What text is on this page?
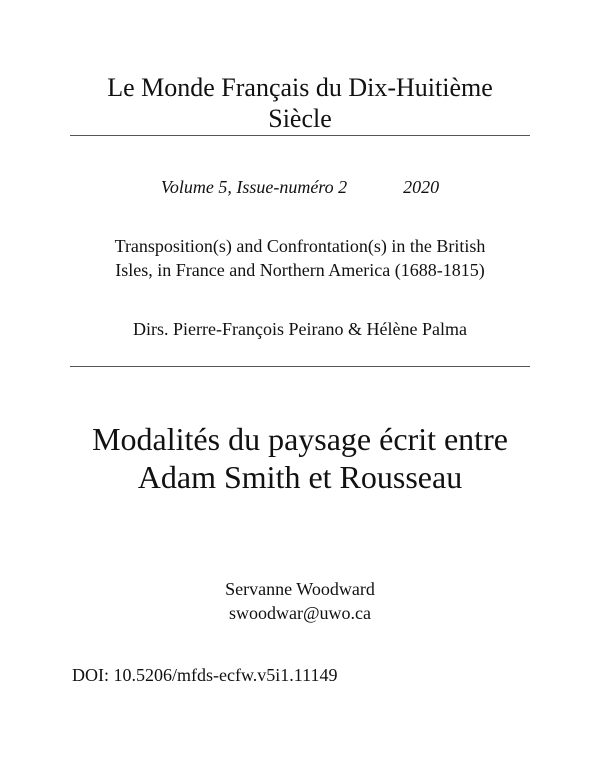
Le Monde Français du Dix-Huitième
Siècle
Volume 5, Issue-numéro 2	2020
Transposition(s) and Confrontation(s) in the British
Isles, in France and Northern America (1688-1815)
Dirs. Pierre-François Peirano & Hélène Palma
Modalités du paysage écrit entre
Adam Smith et Rousseau
Servanne Woodward
swoodwar@uwo.ca
DOI: 10.5206/mfds-ecfw.v5i1.11149
